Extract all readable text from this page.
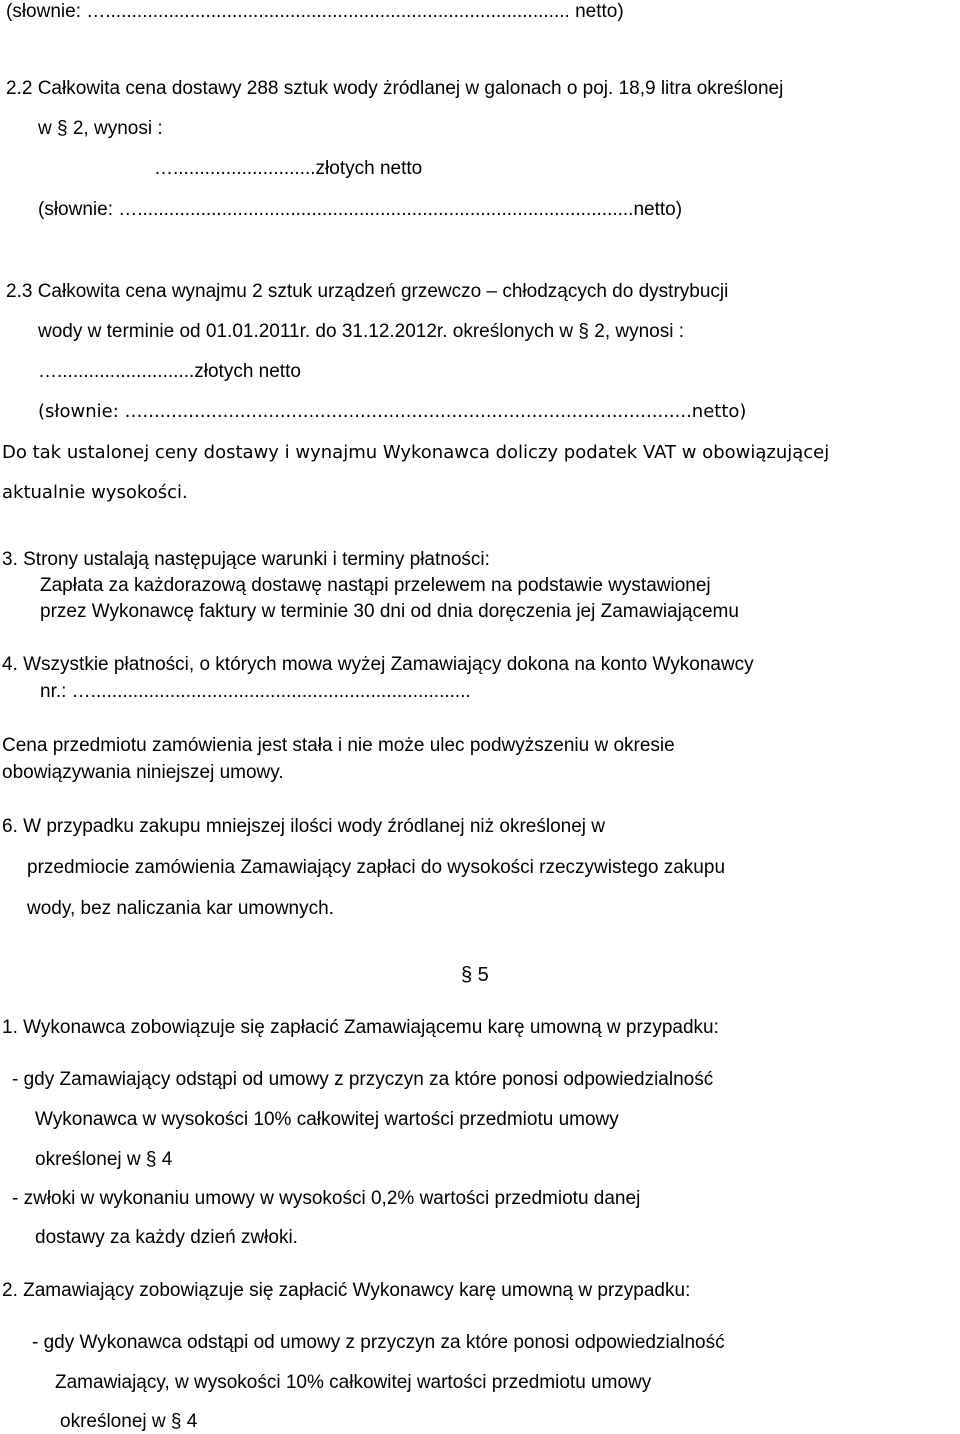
(słownie: …........................................................................................ netto)
2.2 Całkowita cena dostawy 288 sztuk wody żródlanej w galonach o poj. 18,9 litra określonej
w § 2, wynosi :
…...........................złotych netto
(słownie: …..............................................................................................netto)
2.3 Całkowita cena wynajmu 2 sztuk urządzeń grzewczo – chłodzących do dystrybucji
wody w terminie od 01.01.2011r. do 31.12.2012r. określonych w § 2, wynosi :
…..........................złotych netto
(słownie: …................................................................................................netto)
Do tak ustalonej ceny dostawy i wynajmu Wykonawca doliczy podatek VAT w obowiązującej
aktualnie wysokości.
3. Strony ustalają następujące warunki i terminy płatności:
Zapłata za każdorazową dostawę nastąpi przelewem na podstawie wystawionej
przez Wykonawcę faktury w terminie 30 dni od dnia doręczenia jej Zamawiającemu
4. Wszystkie płatności, o których mowa wyżej Zamawiający dokona na konto Wykonawcy
nr.: …........................................................................
Cena przedmiotu zamówienia jest stała i nie może ulec podwyższeniu w okresie
obowiązywania niniejszej umowy.
6. W przypadku zakupu mniejszej ilości wody źródlanej niż określonej w
przedmiocie zamówienia Zamawiający zapłaci do wysokości rzeczywistego zakupu
wody, bez naliczania kar umownych.
§ 5
1. Wykonawca zobowiązuje się zapłacić Zamawiającemu karę umowną w przypadku:
- gdy Zamawiający odstąpi od umowy z przyczyn za które ponosi odpowiedzialność
Wykonawca w wysokości 10% całkowitej wartości przedmiotu umowy
określonej w § 4
- zwłoki w wykonaniu umowy w wysokości 0,2% wartości przedmiotu danej
dostawy za każdy dzień zwłoki.
2. Zamawiający zobowiązuje się zapłacić Wykonawcy karę umowną w przypadku:
- gdy Wykonawca odstąpi od umowy z przyczyn za które ponosi odpowiedzialność
Zamawiający, w wysokości 10% całkowitej wartości przedmiotu umowy
określonej w § 4
